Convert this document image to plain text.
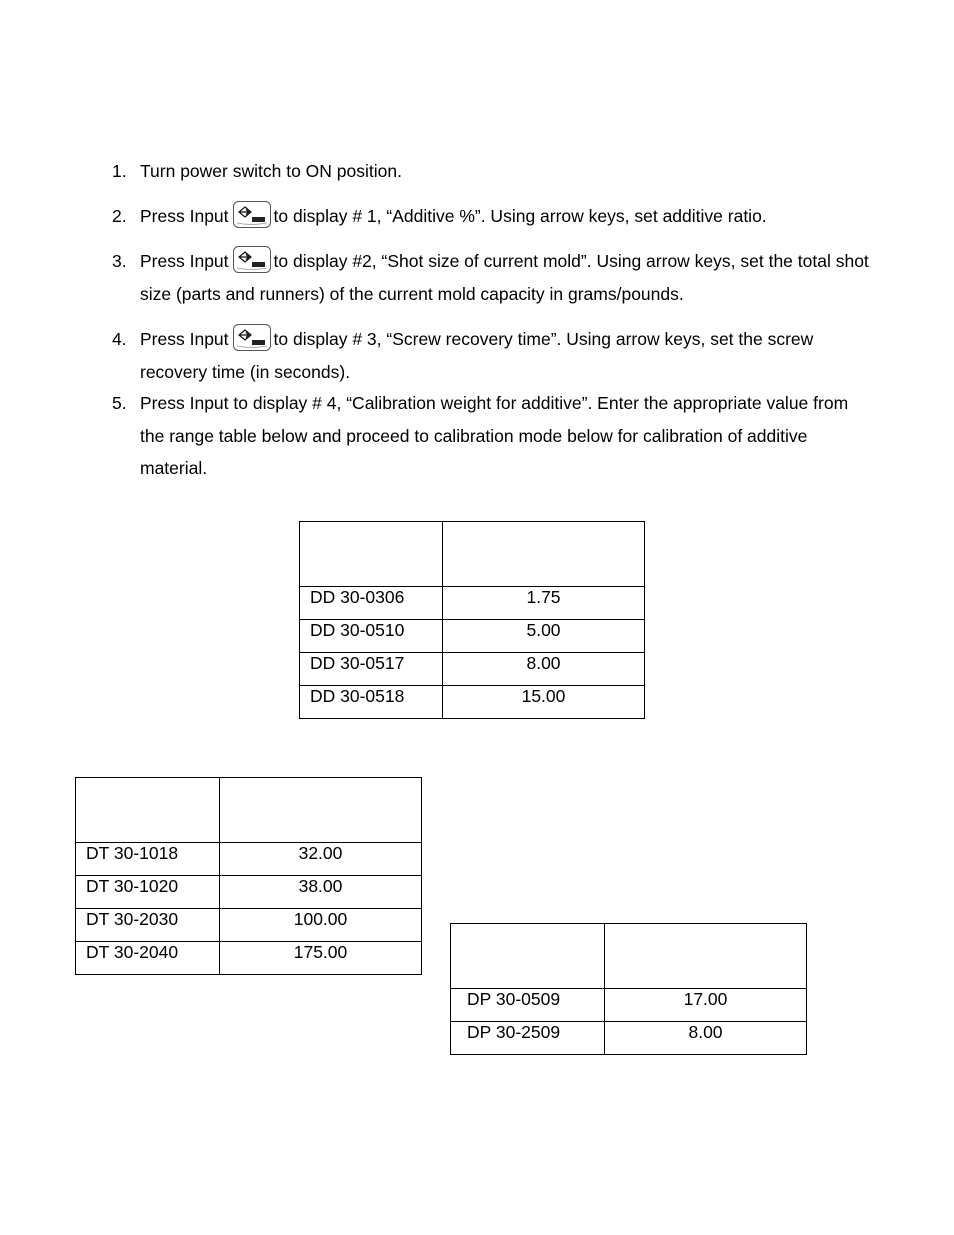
1. Turn power switch to ON position.
2. Press Input	to display # 1, “Additive %”. Using arrow keys, set additive ratio.
3. Press Input	to display #2, “Shot size of current mold”. Using arrow keys, set the total shot size (parts and runners) of the current mold capacity in grams/pounds.
4. Press Input	to display # 3, “Screw recovery time”. Using arrow keys, set the screw recovery time (in seconds).
5. Press Input to display # 4, “Calibration weight for additive”. Enter the appropriate value from the range table below and proceed to calibration mode below for calibration of additive material.

DD 30-0306	1.75
DD 30-0510	5.00
DD 30-0517	8.00
DD 30-0518	15.00

DT 30-1018	32.00
DT 30-1020	38.00
DT 30-2030	100.00
DT 30-2040	175.00

DP 30-0509	17.00
DP 30-2509	8.00
